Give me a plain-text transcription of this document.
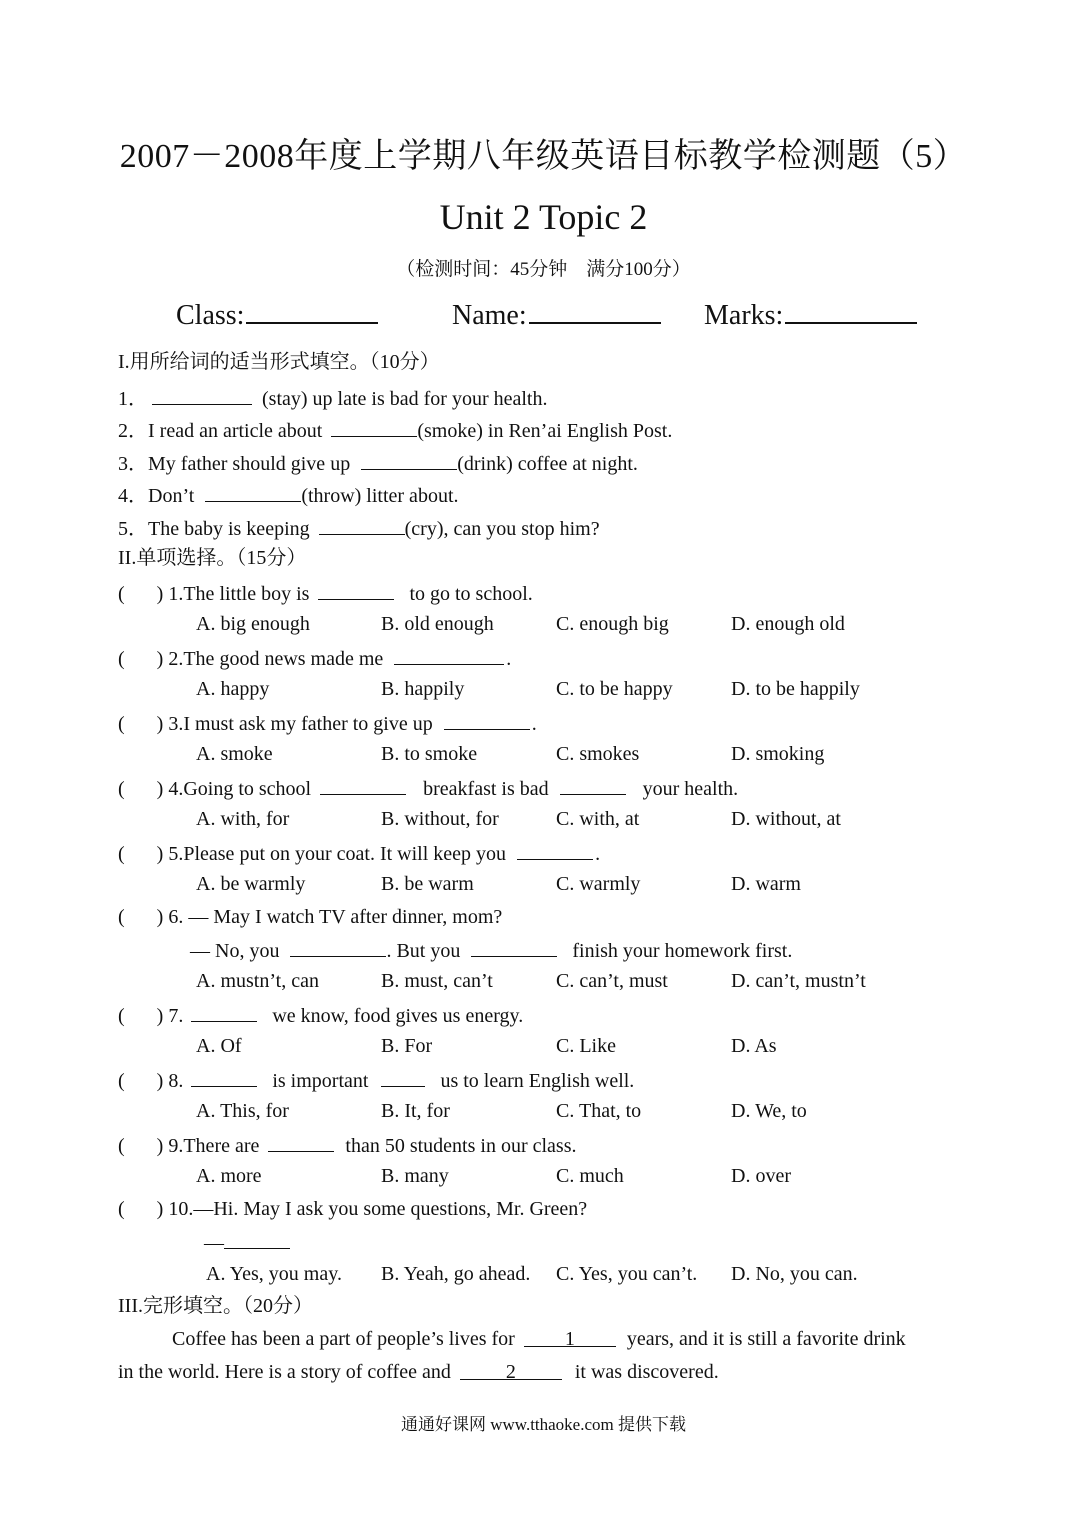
2007－2008年度上学期八年级英语目标教学检测题（5）
Unit 2 Topic 2
（检测时间：45分钟　满分100分）
Class:	Name:	Marks:
I.用所给词的适当形式填空。（10分）
1．	(stay) up late is bad for your health.
2．I read an article about	(smoke) in Ren’ai English Post.
3．My father should give up	(drink) coffee at night.
4．Don’t	(throw) litter about.
5．The baby is keeping	(cry), can you stop him?
II.单项选择。（15分）
( ) 1.The little boy is	to go to school.
A. big enough	B. old enough	C. enough big	D. enough old
( ) 2.The good news made me	.
A. happy	B. happily	C. to be happy	D. to be happily
( ) 3.I must ask my father to give up	.
A. smoke	B. to smoke	C. smokes	D. smoking
( ) 4.Going to school	breakfast is bad	your health.
A. with, for	B. without, for	C. with, at	D. without, at
( ) 5.Please put on your coat. It will keep you	.
A. be warmly	B. be warm	C. warmly	D. warm
( ) 6. — May I watch TV after dinner, mom?
— No, you	. But you	finish your homework first.
A. mustn’t, can	B. must, can’t	C. can’t, must	D. can’t, mustn’t
( ) 7.	we know, food gives us energy.
A. Of	B. For	C. Like	D. As
( ) 8.	is important	us to learn English well.
A. This, for	B. It, for	C. That, to	D. We, to
( ) 9.There are	than 50 students in our class.
A. more	B. many	C. much	D. over
( ) 10.—Hi. May I ask you some questions, Mr. Green?
—
A. Yes, you may. B. Yeah, go ahead. C. Yes, you can’t. D. No, you can.
III.完形填空。（20分）
Coffee has been a part of people’s lives for 1 years, and it is still a favorite drink
in the world. Here is a story of coffee and	2	it was discovered.
通通好课网 www.tthaoke.com 提供下载
